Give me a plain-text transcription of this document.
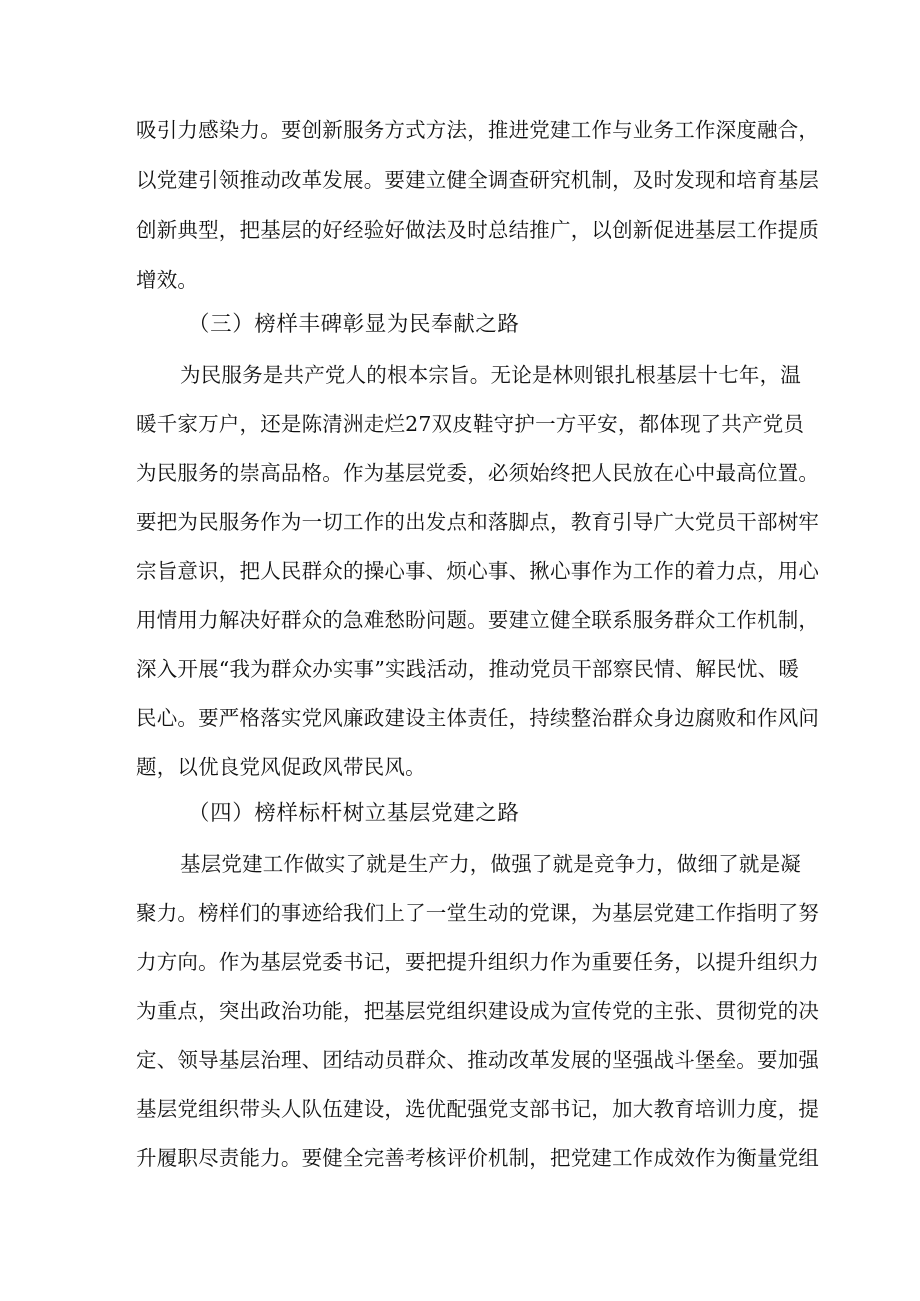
吸引力感染力。要创新服务方式方法，推进党建工作与业务工作深度融合，
以党建引领推动改革发展。要建立健全调查研究机制，及时发现和培育基层
创新典型，把基层的好经验好做法及时总结推广，以创新促进基层工作提质
增效。
（三）榜样丰碑彰显为民奉献之路
为民服务是共产党人的根本宗旨。无论是林则银扎根基层十七年，温
暖千家万户，还是陈清洲走烂27双皮鞋守护一方平安，都体现了共产党员
为民服务的崇高品格。作为基层党委，必须始终把人民放在心中最高位置。
要把为民服务作为一切工作的出发点和落脚点，教育引导广大党员干部树牢
宗旨意识，把人民群众的操心事、烦心事、揪心事作为工作的着力点，用心
用情用力解决好群众的急难愁盼问题。要建立健全联系服务群众工作机制，
深入开展“我为群众办实事”实践活动，推动党员干部察民情、解民忧、暖
民心。要严格落实党风廉政建设主体责任，持续整治群众身边腐败和作风问
题，以优良党风促政风带民风。
（四）榜样标杆树立基层党建之路
基层党建工作做实了就是生产力，做强了就是竞争力，做细了就是凝
聚力。榜样们的事迹给我们上了一堂生动的党课，为基层党建工作指明了努
力方向。作为基层党委书记，要把提升组织力作为重要任务，以提升组织力
为重点，突出政治功能，把基层党组织建设成为宣传党的主张、贯彻党的决
定、领导基层治理、团结动员群众、推动改革发展的坚强战斗堡垒。要加强
基层党组织带头人队伍建设，选优配强党支部书记，加大教育培训力度，提
升履职尽责能力。要健全完善考核评价机制，把党建工作成效作为衡量党组
